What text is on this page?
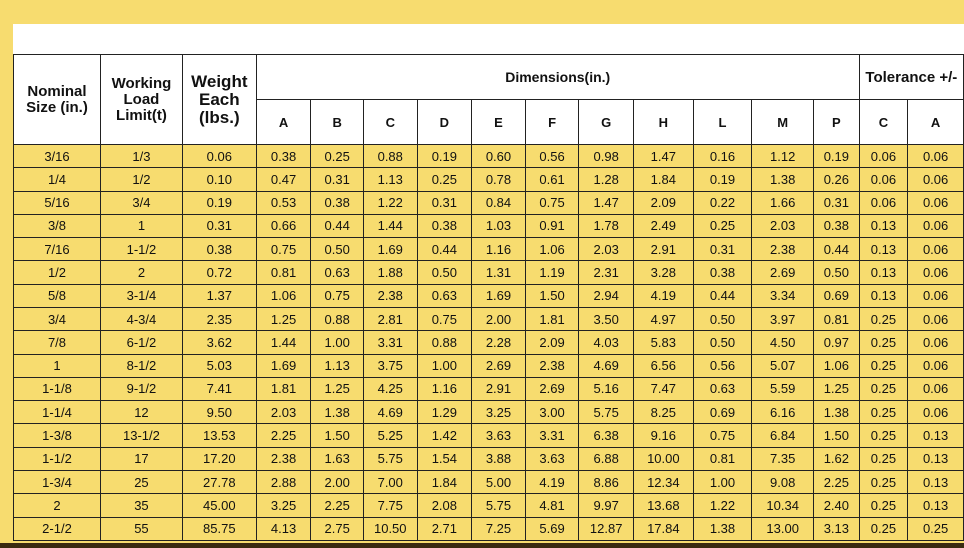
Nominal Size (in.)	Working Load Limit(t)	Weight Each (lbs.)	Dimensions(in.)											Tolerance +/-	
			A	B	C	D	E	F	G	H	L	M	P	C	A
3/16	1/3	0.06	0.38	0.25	0.88	0.19	0.60	0.56	0.98	1.47	0.16	1.12	0.19	0.06	0.06
1/4	1/2	0.10	0.47	0.31	1.13	0.25	0.78	0.61	1.28	1.84	0.19	1.38	0.26	0.06	0.06
5/16	3/4	0.19	0.53	0.38	1.22	0.31	0.84	0.75	1.47	2.09	0.22	1.66	0.31	0.06	0.06
3/8	1	0.31	0.66	0.44	1.44	0.38	1.03	0.91	1.78	2.49	0.25	2.03	0.38	0.13	0.06
7/16	1-1/2	0.38	0.75	0.50	1.69	0.44	1.16	1.06	2.03	2.91	0.31	2.38	0.44	0.13	0.06
1/2	2	0.72	0.81	0.63	1.88	0.50	1.31	1.19	2.31	3.28	0.38	2.69	0.50	0.13	0.06
5/8	3-1/4	1.37	1.06	0.75	2.38	0.63	1.69	1.50	2.94	4.19	0.44	3.34	0.69	0.13	0.06
3/4	4-3/4	2.35	1.25	0.88	2.81	0.75	2.00	1.81	3.50	4.97	0.50	3.97	0.81	0.25	0.06
7/8	6-1/2	3.62	1.44	1.00	3.31	0.88	2.28	2.09	4.03	5.83	0.50	4.50	0.97	0.25	0.06
1	8-1/2	5.03	1.69	1.13	3.75	1.00	2.69	2.38	4.69	6.56	0.56	5.07	1.06	0.25	0.06
1-1/8	9-1/2	7.41	1.81	1.25	4.25	1.16	2.91	2.69	5.16	7.47	0.63	5.59	1.25	0.25	0.06
1-1/4	12	9.50	2.03	1.38	4.69	1.29	3.25	3.00	5.75	8.25	0.69	6.16	1.38	0.25	0.06
1-3/8	13-1/2	13.53	2.25	1.50	5.25	1.42	3.63	3.31	6.38	9.16	0.75	6.84	1.50	0.25	0.13
1-1/2	17	17.20	2.38	1.63	5.75	1.54	3.88	3.63	6.88	10.00	0.81	7.35	1.62	0.25	0.13
1-3/4	25	27.78	2.88	2.00	7.00	1.84	5.00	4.19	8.86	12.34	1.00	9.08	2.25	0.25	0.13
2	35	45.00	3.25	2.25	7.75	2.08	5.75	4.81	9.97	13.68	1.22	10.34	2.40	0.25	0.13
2-1/2	55	85.75	4.13	2.75	10.50	2.71	7.25	5.69	12.87	17.84	1.38	13.00	3.13	0.25	0.25
